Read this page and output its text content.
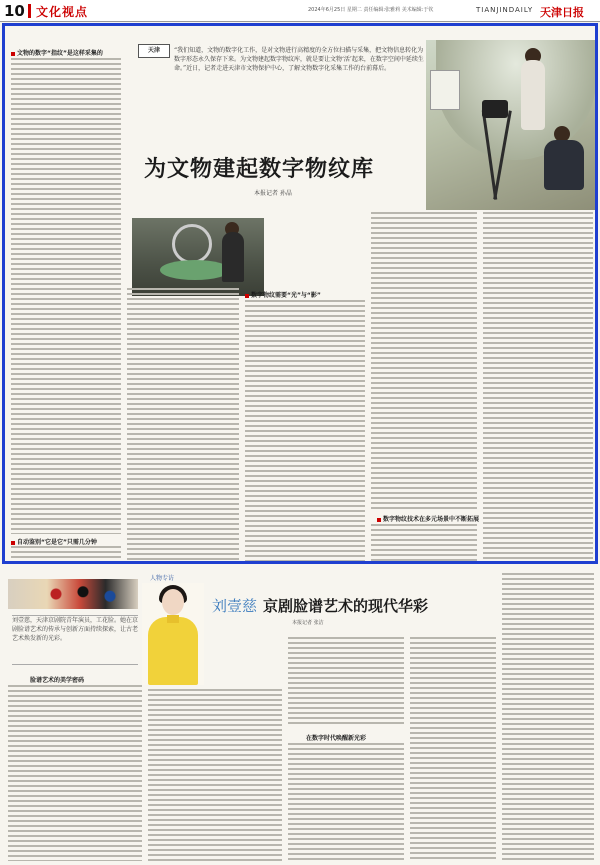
10 文化视点	2024年6月25日 星期二 责任编辑:张雅莉 美术编辑:于钦	TIANJINDAILY 天津日报
文物的数字“指纹”是这样采集的
自动鉴别“它是它”只需几分钟
天津	“我们知道，文物的数字化工作，是对文物进行高精度的全方位扫描与采集，把文物信息转化为数字形态永久保存下来。为文物建起数字物纹库，就是要让文物‘活’起来，在数字空间中延续生命。”近日，记者走进天津市文物保护中心，了解文物数字化采集工作的台前幕后。
为文物建起数字物纹库
本报记者 孙晶
数字物纹需要“光”与“影”
数字物纹技术在多元场景中不断拓展
人物专访
刘壹慈，天津京剧院青年演员，工花脸。她在京剧脸谱艺术的传承与创新方面持续探索，让古老艺术焕发新的光彩。
刘壹慈 京剧脸谱艺术的现代华彩
本报记者 张洁
脸谱艺术的美学密码
在数字时代唤醒新光彩
